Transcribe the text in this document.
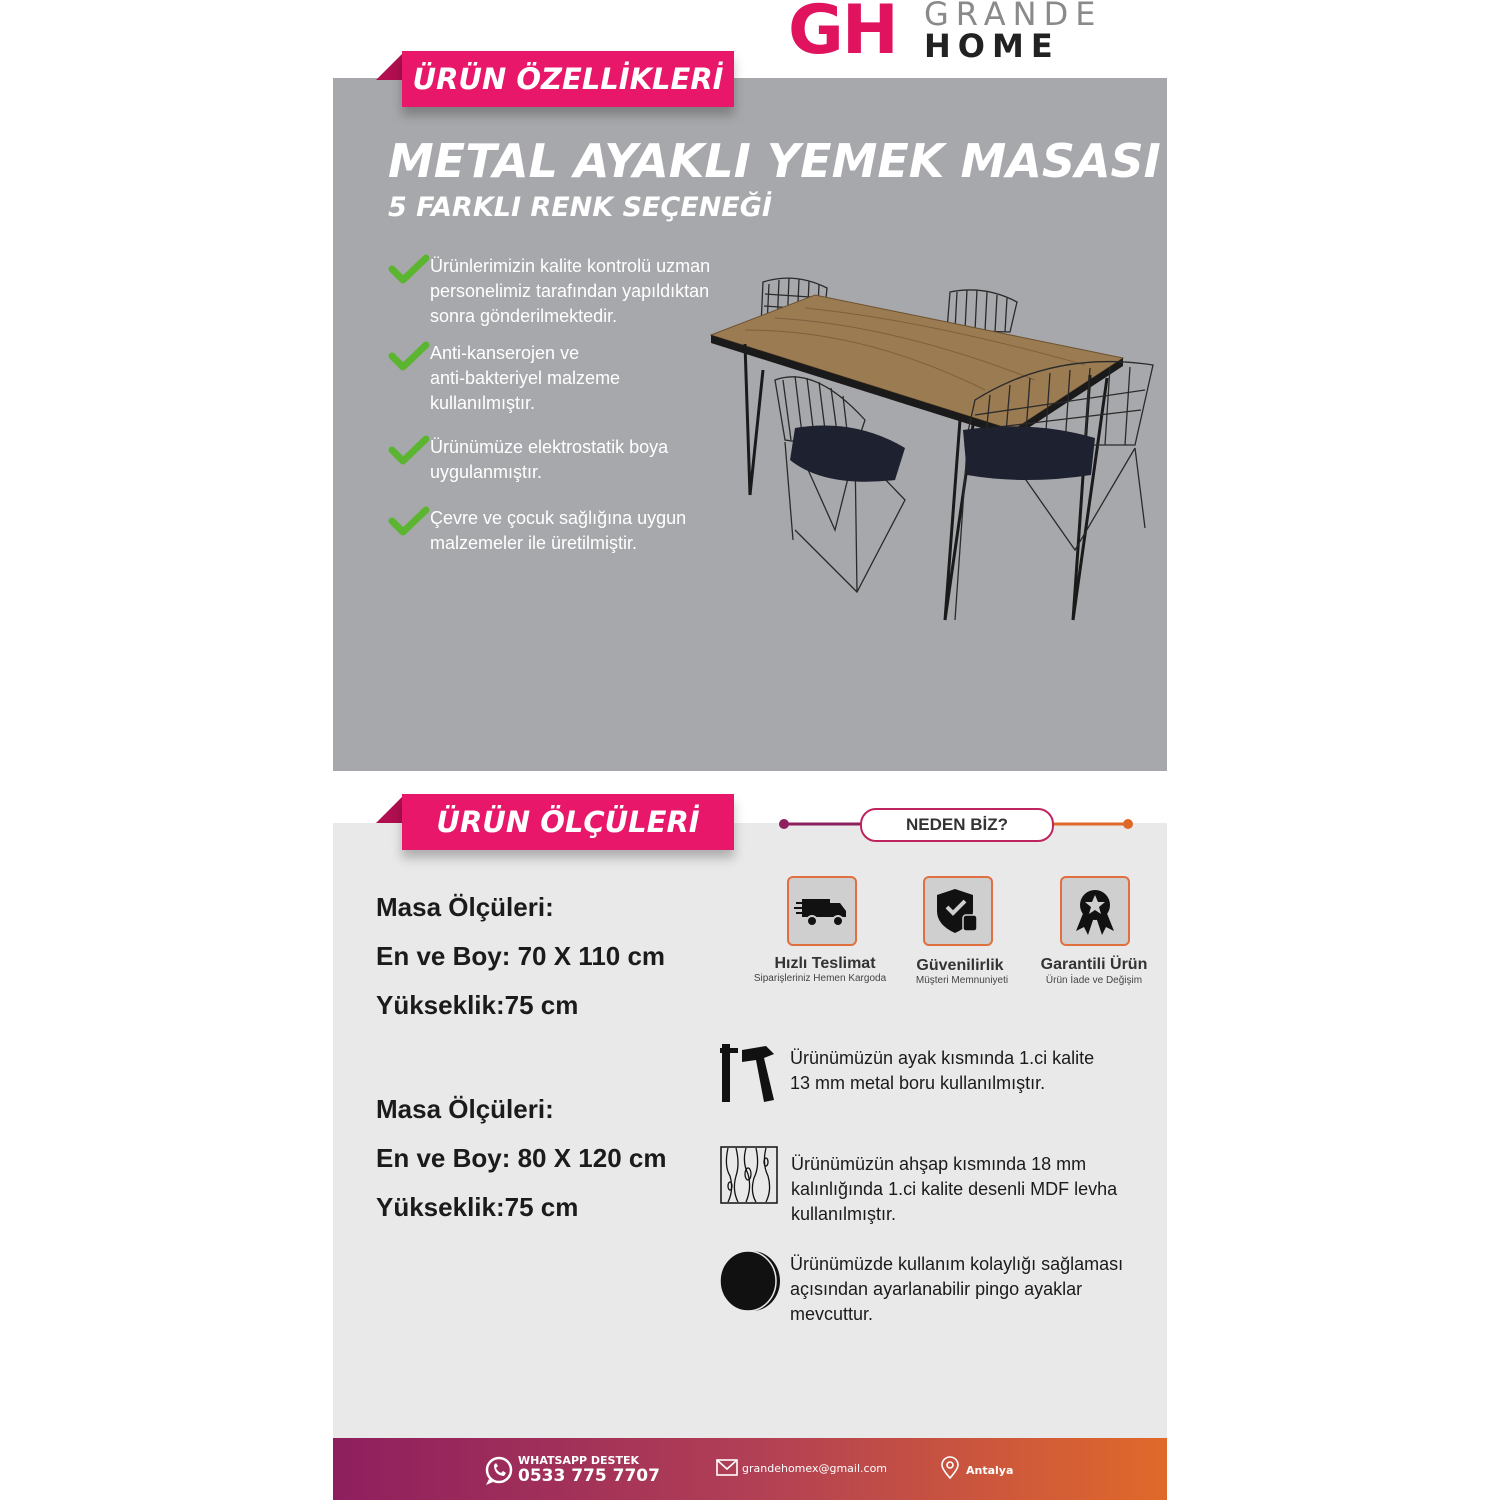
GH GRANDE
HOME
ÜRÜN ÖZELLİKLERİ
METAL AYAKLI YEMEK MASASI
5 FARKLI RENK SEÇENEĞİ
Ürünlerimizin kalite kontrolü uzman
personelimiz tarafından yapıldıktan
sonra gönderilmektedir.
Anti-kanserojen ve
anti-bakteriyel malzeme
kullanılmıştır.
Ürünümüze elektrostatik boya
uygulanmıştır.
Çevre ve çocuk sağlığına uygun
malzemeler ile üretilmiştir.
ÜRÜN ÖLÇÜLERİ
Masa Ölçüleri:
En ve Boy: 70 X 110 cm
Yükseklik:75 cm
Masa Ölçüleri:
En ve Boy: 80 X 120 cm
Yükseklik:75 cm
NEDEN BİZ?
Hızlı Teslimat
Siparişleriniz Hemen Kargoda
Güvenilirlik
Müşteri Memnuniyeti
Garantili Ürün
Ürün İade ve Değişim
Ürünümüzün ayak kısmında 1.ci kalite
13 mm metal boru kullanılmıştır.
Ürünümüzün ahşap kısmında 18 mm
kalınlığında 1.ci kalite desenli MDF levha
kullanılmıştır.
Ürünümüzde kullanım kolaylığı sağlaması
açısından ayarlanabilir pingo ayaklar
mevcuttur.
WHATSAPP DESTEK
0533 775 7707	grandehomex@gmail.com	Antalya
